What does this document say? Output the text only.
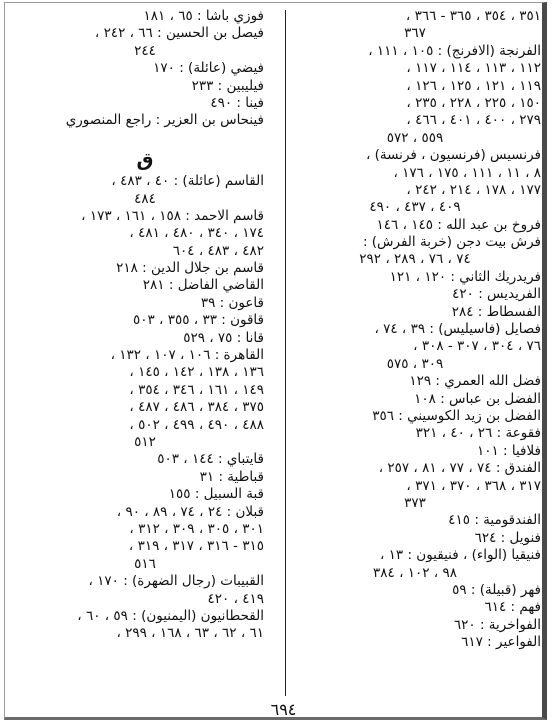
٣٥١ ، ٣٥٤ ، ٣٦٥ - ٣٦٦ ،
٣٦٧
الفرنجة (الافرنج) : ١٠٥ ، ١١١ ،
١١٢ ، ١١٣ ، ١١٤ ، ١١٧ ،
١١٩ ، ١٢١ ، ١٢٥ ، ١٢٦ ،
١٥٠ ، ٢٢٥ ، ٢٢٨ ، ٢٣٥ ،
٢٧٩ ، ٤٠٠ ، ٤٠١ ، ٤٦٦ ،
٥٥٩ ، ٥٧٢
فرنسيس (فرنسيون ، فرنسة) ،
٨ ، ١١ ، ١١١ ، ١٧٥ ، ١٧٦ ،
١٧٧ ، ١٧٨ ، ٢١٤ ، ٢٤٢ ،
٤٠٩ ، ٤٣٧ ، ٤٩٠
فروخ بن عبد الله : ١٤٥ ، ١٤٦
فرش بيت دجن (خربة الفرش) :
٧٤ ، ٧٦ ، ٢٨٩ ، ٢٩٢
فريدريك الثاني : ١٢٠ ، ١٢١
الفريديس : ٤٢٠
الفسطاط : ٢٨٤
فصايل (فاسيليس) : ٣٩ ، ٧٤ ،
٧٦ ، ٣٠٤ ، ٣٠٧ - ٣٠٨ ،
٣٠٩ ، ٥٧٥
فضل الله العمري : ١٢٩
الفضل بن عباس : ١٠٨
الفضل بن زيد الكوسيني : ٣٥٦
فقوعة : ٢٦ ، ٤٠ ، ٣٢١
فلافيا : ١٠١
الفندق : ٧٤ ، ٧٧ ، ٨١ ، ٢٥٧ ،
٣١٧ ، ٣٦٨ ، ٣٧٠ ، ٣٧١ ،
٣٧٣
الفندقومية : ٤١٥
فنويل : ٦٢٤
فنيقيا (الواء) ، فنيقيون : ١٣ ،
٩٨ ، ١٠٢ ، ٣٨٤
فهر (قبيلة) : ٥٩
فهم : ٦١٤
الفواخرية : ٦٢٠
الفواعير : ٦١٧
فوزي باشا : ٦٥ ، ١٨١
فيصل بن الحسين : ٦٦ ، ٢٤٢ ،
٢٤٤
فيضي (عائلة) : ١٧٠
فيليبين : ٢٣٣
فينا : ٤٩٠
فينحاس بن العزير : راجع المنصوري
ق
القاسم (عائلة) : ٤٠ ، ٤٨٣ ،
٤٨٤
قاسم الاحمد : ١٥٨ ، ١٦١ ، ١٧٣ ،
١٧٤ ، ٣٤٠ ، ٤٨٠ ، ٤٨١ ،
٤٨٢ ، ٤٨٣ ، ٦٠٤
قاسم بن جلال الدين : ٢١٨
القاضي الفاضل : ٢٨١
قاعون : ٣٩
قاقون : ٣٣ ، ٣٥٥ ، ٥٠٣
قانا : ٧٥ ، ٥٢٩
القاهرة : ١٠٦ ، ١٠٧ ، ١٣٢ ،
١٣٦ ، ١٣٨ ، ١٤٢ ، ١٤٥ ،
١٤٩ ، ١٦١ ، ٣٤٦ ، ٣٥٤ ،
٣٧٥ ، ٣٨٤ ، ٤٨٦ ، ٤٨٧ ،
٤٨٨ ، ٤٩٠ ، ٤٩٩ ، ٥٠٢ ،
٥١٢
قايتباي : ١٤٤ ، ٥٠٣
قباطية : ٣١
قبة السبيل : ١٥٥
قبلان : ٢٤ ، ٧٤ ، ٨٩ ، ٩٠ ،
٣٠١ ، ٣٠٥ ، ٣٠٩ ، ٣١٢ ،
٣١٥ - ٣١٦ ، ٣١٧ ، ٣١٩ ،
٥١٦
القبيبات (رجال الضهرة) : ١٧٠ ،
٤١٩ ، ٤٢٠
القحطانيون (اليمنيون) : ٥٩ ، ٦٠ ،
٦١ ، ٦٢ ، ٦٣ ، ١٦٨ ، ٢٩٩ ،
٦٩٤
